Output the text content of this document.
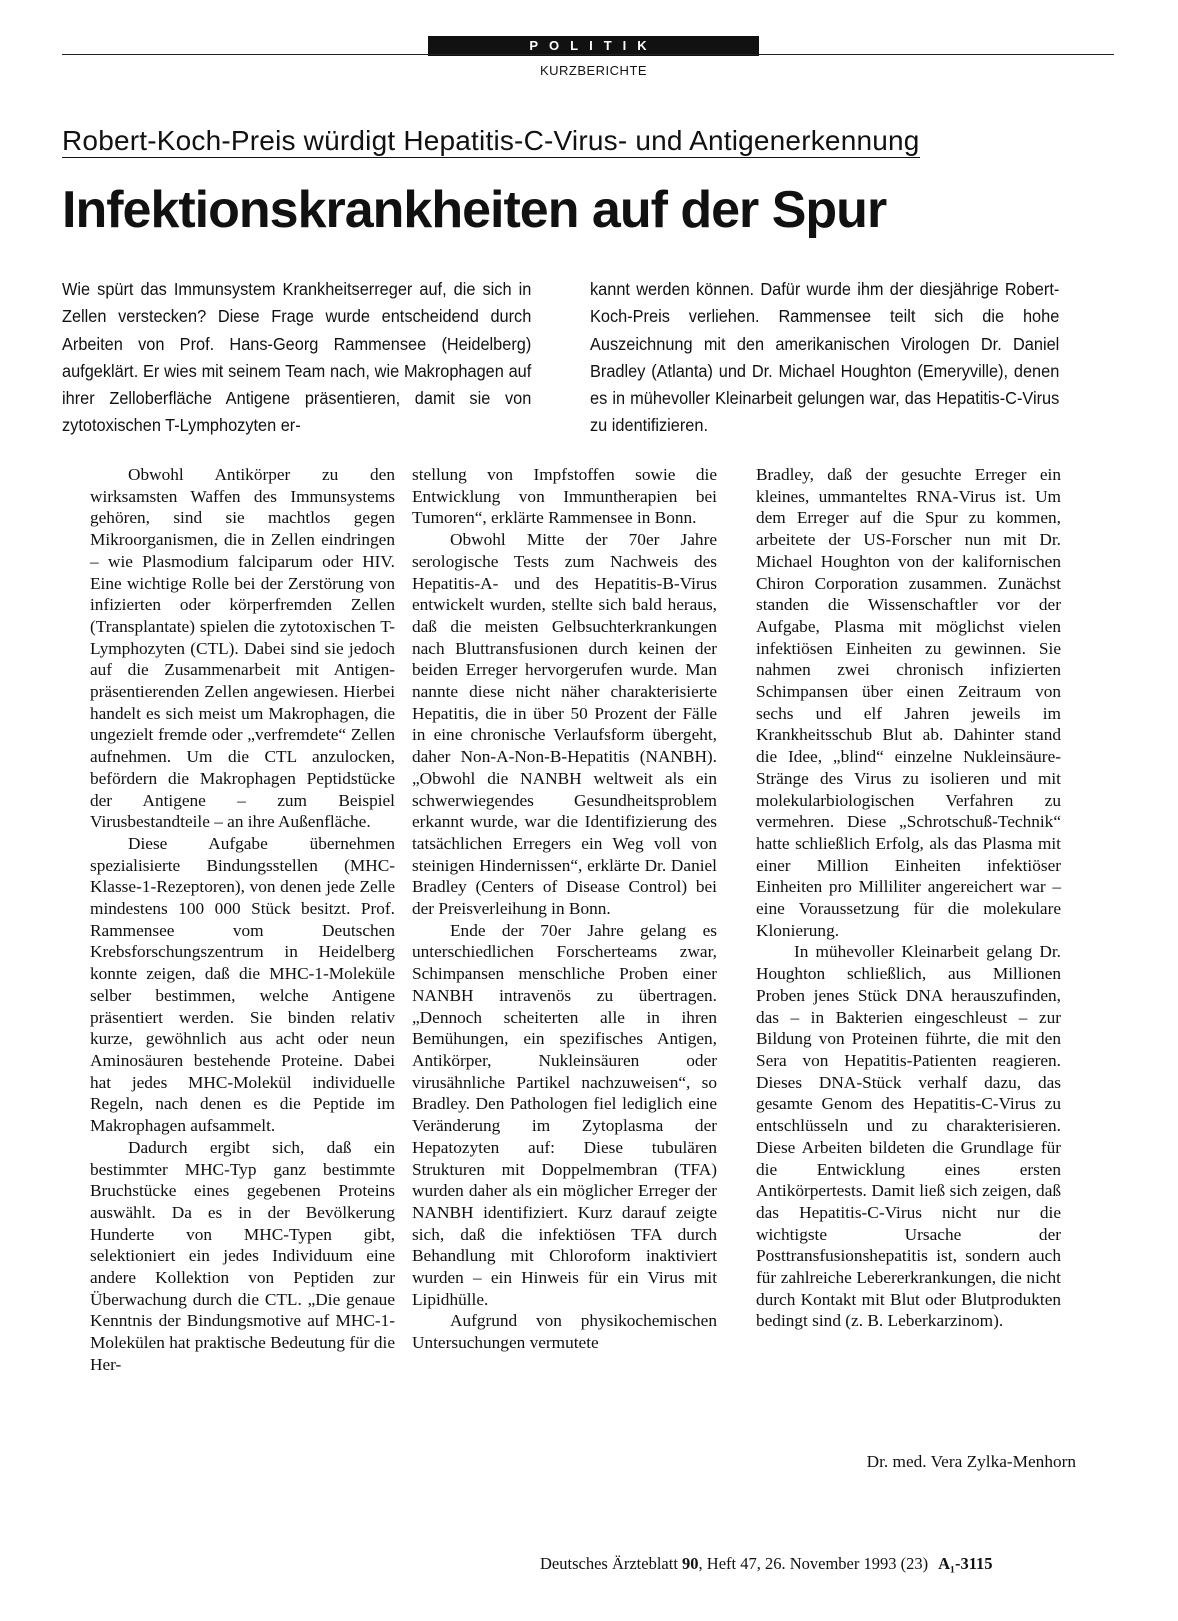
POLITIK
KURZBERICHTE
Robert-Koch-Preis würdigt Hepatitis-C-Virus- und Antigenerkennung
Infektionskrankheiten auf der Spur

Wie spürt das Immunsystem Krankheitserreger auf, die sich in Zellen verstecken? Diese Frage wurde entscheidend durch Arbeiten von Prof. Hans-Georg Rammensee (Heidelberg) aufgeklärt. Er wies mit seinem Team nach, wie Makrophagen auf ihrer Zelloberfläche Antigene präsentieren, damit sie von zytotoxischen T-Lymphozyten er-

kannt werden können. Dafür wurde ihm der diesjährige Robert-Koch-Preis verliehen. Rammensee teilt sich die hohe Auszeichnung mit den amerikanischen Virologen Dr. Daniel Bradley (Atlanta) und Dr. Michael Houghton (Emeryville), denen es in mühevoller Kleinarbeit gelungen war, das Hepatitis-C-Virus zu identifizieren.

Obwohl Antikörper zu den wirksamsten Waffen des Immunsystems gehören, sind sie machtlos gegen Mikroorganismen, die in Zellen eindringen – wie Plasmodium falciparum oder HIV. Eine wichtige Rolle bei der Zerstörung von infizierten oder körperfremden Zellen (Transplantate) spielen die zytotoxischen T-Lymphozyten (CTL). Dabei sind sie jedoch auf die Zusammenarbeit mit Antigen-präsentierenden Zellen angewiesen. Hierbei handelt es sich meist um Makrophagen, die ungezielt fremde oder „verfremdete“ Zellen aufnehmen. Um die CTL anzulocken, befördern die Makrophagen Peptidstücke der Antigene – zum Beispiel Virusbestandteile – an ihre Außenfläche.

Diese Aufgabe übernehmen spezialisierte Bindungsstellen (MHC-Klasse-1-Rezeptoren), von denen jede Zelle mindestens 100 000 Stück besitzt. Prof. Rammensee vom Deutschen Krebsforschungszentrum in Heidelberg konnte zeigen, daß die MHC-1-Moleküle selber bestimmen, welche Antigene präsentiert werden. Sie binden relativ kurze, gewöhnlich aus acht oder neun Aminosäuren bestehende Proteine. Dabei hat jedes MHC-Molekül individuelle Regeln, nach denen es die Peptide im Makrophagen aufsammelt.

Dadurch ergibt sich, daß ein bestimmter MHC-Typ ganz bestimmte Bruchstücke eines gegebenen Proteins auswählt. Da es in der Bevölkerung Hunderte von MHC-Typen gibt, selektioniert ein jedes Individuum eine andere Kollektion von Peptiden zur Überwachung durch die CTL. „Die genaue Kenntnis der Bindungsmotive auf MHC-1-Molekülen hat praktische Bedeutung für die Her-

stellung von Impfstoffen sowie die Entwicklung von Immuntherapien bei Tumoren“, erklärte Rammensee in Bonn.

Obwohl Mitte der 70er Jahre serologische Tests zum Nachweis des Hepatitis-A- und des Hepatitis-B-Virus entwickelt wurden, stellte sich bald heraus, daß die meisten Gelbsuchterkrankungen nach Bluttransfusionen durch keinen der beiden Erreger hervorgerufen wurde. Man nannte diese nicht näher charakterisierte Hepatitis, die in über 50 Prozent der Fälle in eine chronische Verlaufsform übergeht, daher Non-A-Non-B-Hepatitis (NANBH). „Obwohl die NANBH weltweit als ein schwerwiegendes Gesundheitsproblem erkannt wurde, war die Identifizierung des tatsächlichen Erregers ein Weg voll von steinigen Hindernissen“, erklärte Dr. Daniel Bradley (Centers of Disease Control) bei der Preisverleihung in Bonn.

Ende der 70er Jahre gelang es unterschiedlichen Forscherteams zwar, Schimpansen menschliche Proben einer NANBH intravenös zu übertragen. „Dennoch scheiterten alle in ihren Bemühungen, ein spezifisches Antigen, Antikörper, Nukleinsäuren oder virusähnliche Partikel nachzuweisen“, so Bradley. Den Pathologen fiel lediglich eine Veränderung im Zytoplasma der Hepatozyten auf: Diese tubulären Strukturen mit Doppelmembran (TFA) wurden daher als ein möglicher Erreger der NANBH identifiziert. Kurz darauf zeigte sich, daß die infektiösen TFA durch Behandlung mit Chloroform inaktiviert wurden – ein Hinweis für ein Virus mit Lipidhülle.

Aufgrund von physikochemischen Untersuchungen vermutete

Bradley, daß der gesuchte Erreger ein kleines, ummanteltes RNA-Virus ist. Um dem Erreger auf die Spur zu kommen, arbeitete der US-Forscher nun mit Dr. Michael Houghton von der kalifornischen Chiron Corporation zusammen. Zunächst standen die Wissenschaftler vor der Aufgabe, Plasma mit möglichst vielen infektiösen Einheiten zu gewinnen. Sie nahmen zwei chronisch infizierten Schimpansen über einen Zeitraum von sechs und elf Jahren jeweils im Krankheitsschub Blut ab. Dahinter stand die Idee, „blind“ einzelne Nukleinsäure-Stränge des Virus zu isolieren und mit molekularbiologischen Verfahren zu vermehren. Diese „Schrotschuß-Technik“ hatte schließlich Erfolg, als das Plasma mit einer Million Einheiten infektiöser Einheiten pro Milliliter angereichert war – eine Voraussetzung für die molekulare Klonierung.

In mühevoller Kleinarbeit gelang Dr. Houghton schließlich, aus Millionen Proben jenes Stück DNA herauszufinden, das – in Bakterien eingeschleust – zur Bildung von Proteinen führte, die mit den Sera von Hepatitis-Patienten reagieren. Dieses DNA-Stück verhalf dazu, das gesamte Genom des Hepatitis-C-Virus zu entschlüsseln und zu charakterisieren. Diese Arbeiten bildeten die Grundlage für die Entwicklung eines ersten Antikörpertests. Damit ließ sich zeigen, daß das Hepatitis-C-Virus nicht nur die wichtigste Ursache der Posttransfusionshepatitis ist, sondern auch für zahlreiche Lebererkrankungen, die nicht durch Kontakt mit Blut oder Blutprodukten bedingt sind (z. B. Leberkarzinom).

Dr. med. Vera Zylka-Menhorn
Deutsches Ärzteblatt 90, Heft 47, 26. November 1993 (23) A₁-3115
